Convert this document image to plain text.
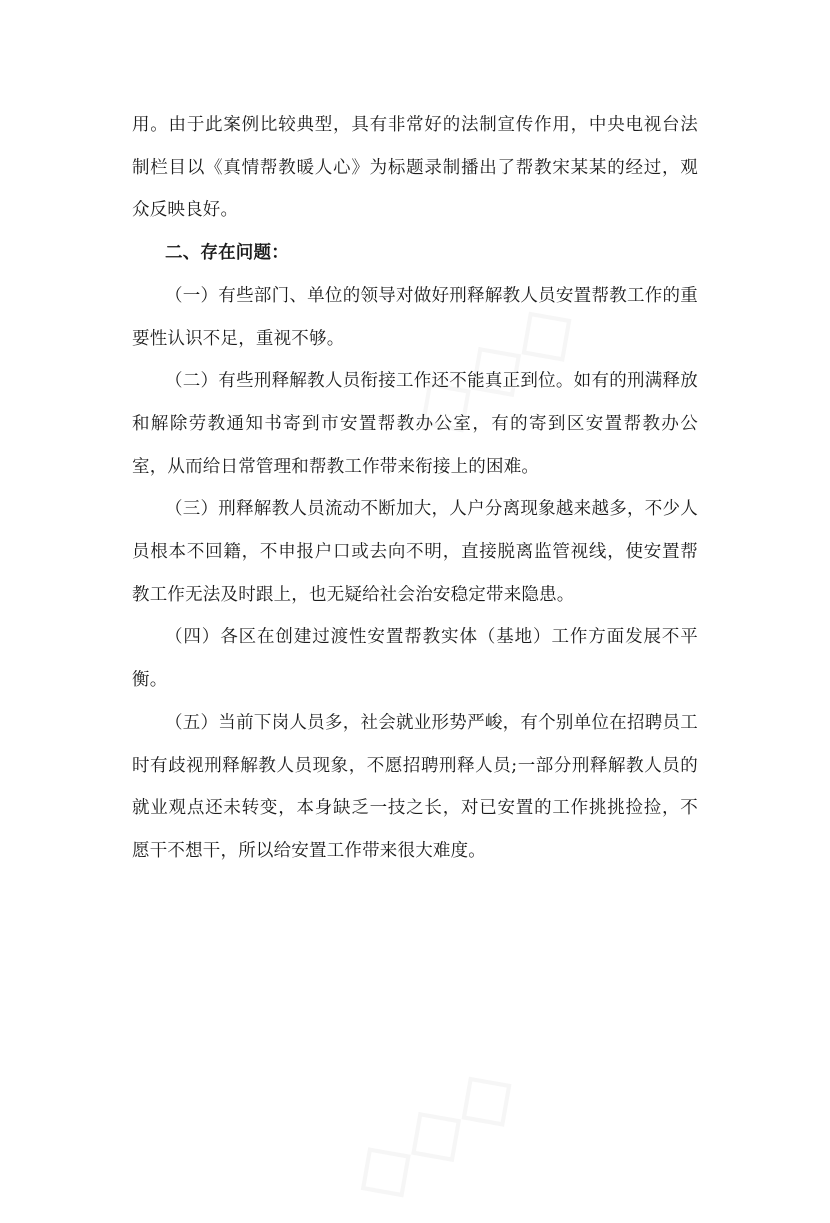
用。由于此案例比较典型，具有非常好的法制宣传作用，中央电视台法制栏目以《真情帮教暖人心》为标题录制播出了帮教宋某某的经过，观众反映良好。

二、存在问题：

（一）有些部门、单位的领导对做好刑释解教人员安置帮教工作的重要性认识不足，重视不够。

（二）有些刑释解教人员衔接工作还不能真正到位。如有的刑满释放和解除劳教通知书寄到市安置帮教办公室，有的寄到区安置帮教办公室，从而给日常管理和帮教工作带来衔接上的困难。

（三）刑释解教人员流动不断加大，人户分离现象越来越多，不少人员根本不回籍，不申报户口或去向不明，直接脱离监管视线，使安置帮教工作无法及时跟上，也无疑给社会治安稳定带来隐患。

（四）各区在创建过渡性安置帮教实体（基地）工作方面发展不平衡。

（五）当前下岗人员多，社会就业形势严峻，有个别单位在招聘员工时有歧视刑释解教人员现象，不愿招聘刑释人员;一部分刑释解教人员的就业观点还未转变，本身缺乏一技之长，对已安置的工作挑挑捡捡，不愿干不想干，所以给安置工作带来很大难度。
